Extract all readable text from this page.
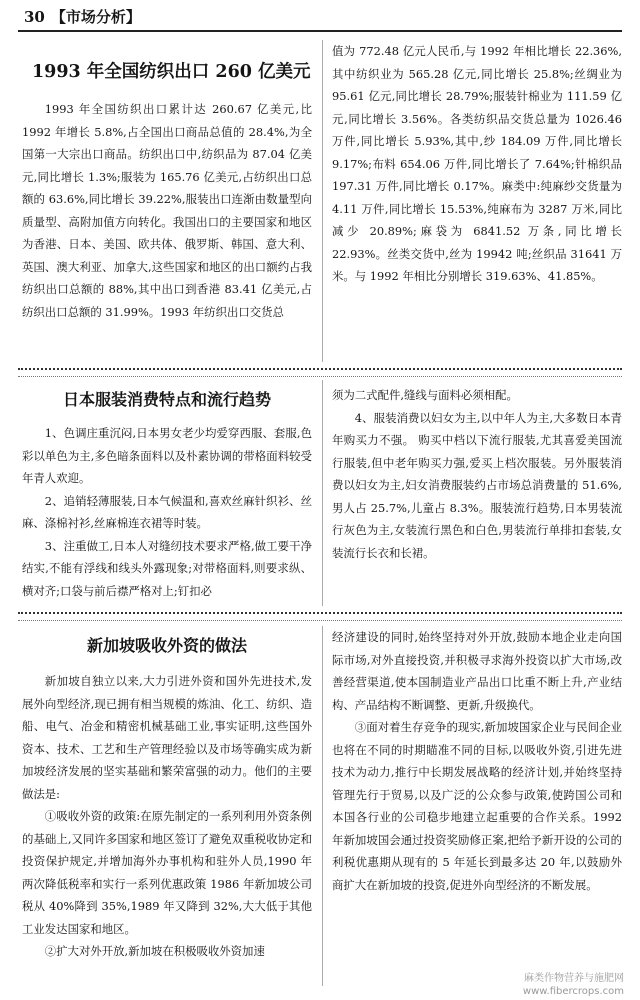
30 【市场分析】
1993 年全国纺织出口 260 亿美元

1993 年全国纺织出口累计达 260.67 亿美元,比 1992 年增长 5.8%,占全国出口商品总值的 28.4%,为全国第一大宗出口商品。纺织出口中,纺织品为 87.04 亿美元,同比增长 1.3%;服装为 165.76 亿美元,占纺织出口总额的 63.6%,同比增长 39.22%,服装出口连渐由数量型向质量型、高附加值方向转化。我国出口的主要国家和地区为香港、日本、美国、欧共体、俄罗斯、韩国、意大利、英国、澳大利亚、加拿大,这些国家和地区的出口额约占我纺织出口总额的 88%,其中出口到香港 83.41 亿美元,占纺织出口总额的 31.99%。1993 年纺织出口交货总

值为 772.48 亿元人民币,与 1992 年相比增长 22.36%,其中纺织业为 565.28 亿元,同比增长 25.8%;丝绸业为 95.61 亿元,同比增长 28.79%;服装针棉业为 111.59 亿元,同比增长 3.56%。各类纺织品交货总量为 1026.46 万件,同比增长 5.93%,其中,纱 184.09 万件,同比增长 9.17%;布料 654.06 万件,同比增长了 7.64%;针棉织品 197.31 万件,同比增长 0.17%。麻类中:纯麻纱交货量为 4.11 万件,同比增长 15.53%,纯麻布为 3287 万米,同比减少 20.89%;麻袋为 6841.52 万条,同比增长 22.93%。丝类交货中,丝为 19942 吨;丝织品 31641 万米。与 1992 年相比分别增长 319.63%、41.85%。

日本服装消费特点和流行趋势

1、色调庄重沉闷,日本男女老少均爱穿西服、套服,色彩以单色为主,多色暗条面料以及朴素协调的带格面料较受年青人欢迎。

2、追销轻薄服装,日本气候温和,喜欢丝麻针织衫、丝麻、涤棉衬衫,丝麻棉连衣裙等时装。

3、注重做工,日本人对缝纫技术要求严格,做工要干净结实,不能有浮线和线头外露现象;对带格面料,则要求纵、横对齐;口袋与前后襟严格对上;钉扣必

须为二式配件,缝线与面料必须相配。

4、服装消费以妇女为主,以中年人为主,大多数日本青年购买力不强。 购买中档以下流行服装,尤其喜爱美国流行服装,但中老年购买力强,爱买上档次服装。另外服装消费以妇女为主,妇女消费服装约占市场总消费量的 51.6%,男人占 25.7%,儿童占 8.3%。服装流行趋势,日本男装流行灰色为主,女装流行黑色和白色,男装流行单排扣套装,女装流行长衣和长裙。

新加坡吸收外资的做法

新加坡自独立以来,大力引进外资和国外先进技术,发展外向型经济,现已拥有相当规模的炼油、化工、纺织、造船、电气、冶金和精密机械基础工业,事实证明,这些国外资本、技术、工艺和生产管理经验以及市场等确实成为新加坡经济发展的坚实基础和繁荣富强的动力。他们的主要做法是:

①吸收外资的政策:在原先制定的一系列利用外资条例的基础上,又同许多国家和地区签订了避免双重税收协定和投资保护规定,并增加海外办事机构和驻外人员,1990 年两次降低税率和实行一系列优惠政策 1986 年新加坡公司税从 40%降到 35%,1989 年又降到 32%,大大低于其他工业发达国家和地区。

②扩大对外开放,新加坡在积极吸收外资加速

经济建设的同时,始终坚持对外开放,鼓励本地企业走向国际市场,对外直接投资,并积极寻求海外投资以扩大市场,改善经营渠道,使本国制造业产品出口比重不断上升,产业结构、产品结构不断调整、更新,升级换代。

③面对着生存竞争的现实,新加坡国家企业与民间企业也将在不同的时期瞄准不同的目标,以吸收外资,引进先进技术为动力,推行中长期发展战略的经济计划,并始终坚持管理先行于贸易,以及广泛的公众参与政策,使跨国公司和本国各行业的公司稳步地建立起重要的合作关系。1992 年新加坡国会通过投资奖励修正案,把给予新开设的公司的利税优惠期从现有的 5 年延长到最多达 20 年,以鼓励外商扩大在新加坡的投资,促进外向型经济的不断发展。

麻类作物营养与施肥网
www.fibercrops.com
